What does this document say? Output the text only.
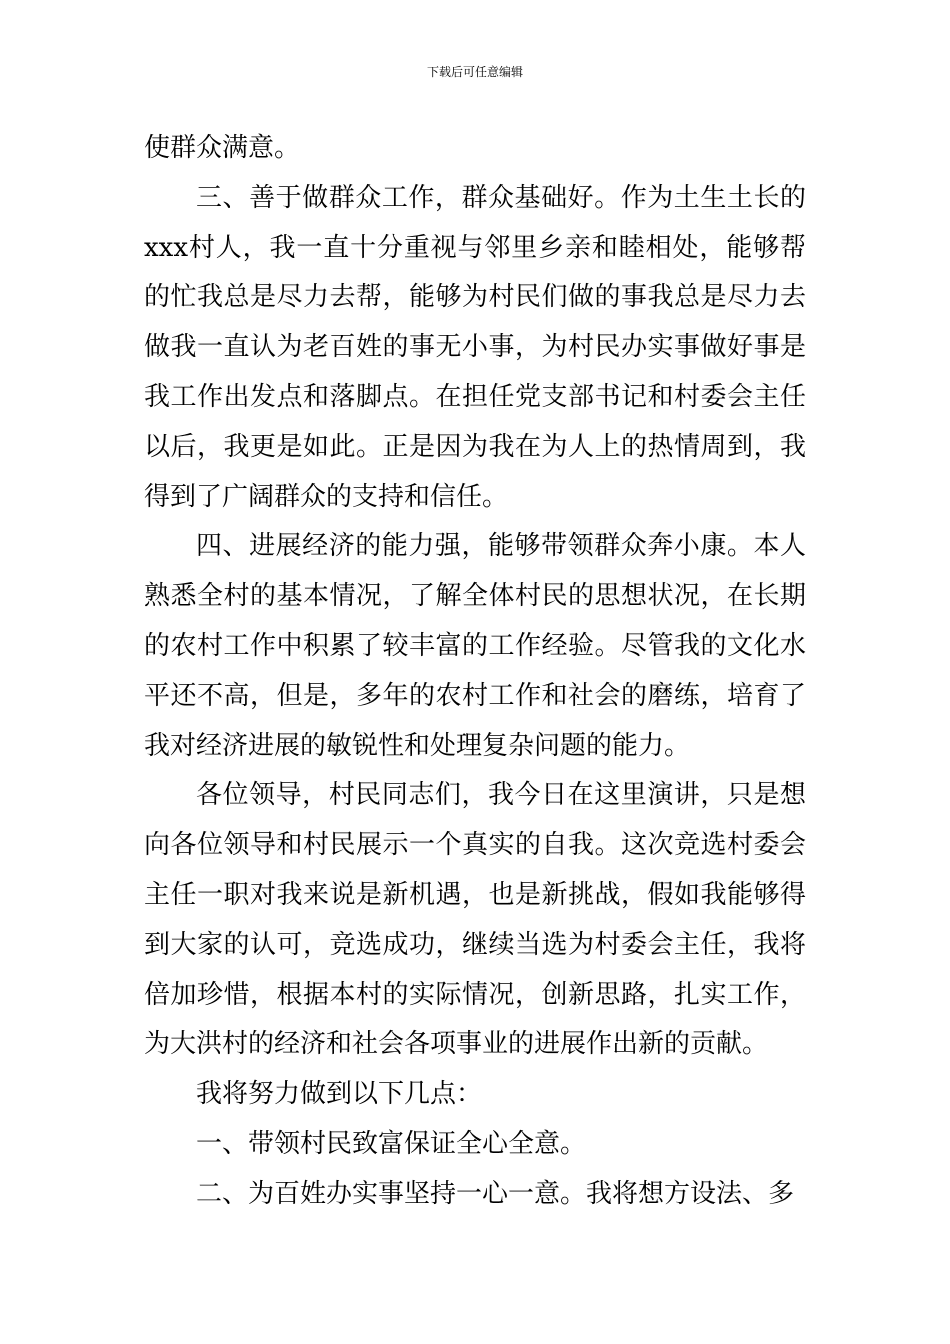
下载后可任意编辑

使群众满意。

三、善于做群众工作，群众基础好。作为土生土长的xxx村人，我一直十分重视与邻里乡亲和睦相处，能够帮的忙我总是尽力去帮，能够为村民们做的事我总是尽力去做我一直认为老百姓的事无小事，为村民办实事做好事是我工作出发点和落脚点。在担任党支部书记和村委会主任以后，我更是如此。正是因为我在为人上的热情周到，我得到了广阔群众的支持和信任。

四、进展经济的能力强，能够带领群众奔小康。本人熟悉全村的基本情况，了解全体村民的思想状况，在长期的农村工作中积累了较丰富的工作经验。尽管我的文化水平还不高，但是，多年的农村工作和社会的磨练，培育了我对经济进展的敏锐性和处理复杂问题的能力。

各位领导，村民同志们，我今日在这里演讲，只是想向各位领导和村民展示一个真实的自我。这次竞选村委会主任一职对我来说是新机遇，也是新挑战，假如我能够得到大家的认可，竞选成功，继续当选为村委会主任，我将倍加珍惜，根据本村的实际情况，创新思路，扎实工作，为大洪村的经济和社会各项事业的进展作出新的贡献。

我将努力做到以下几点：

一、带领村民致富保证全心全意。

二、为百姓办实事坚持一心一意。我将想方设法、多
